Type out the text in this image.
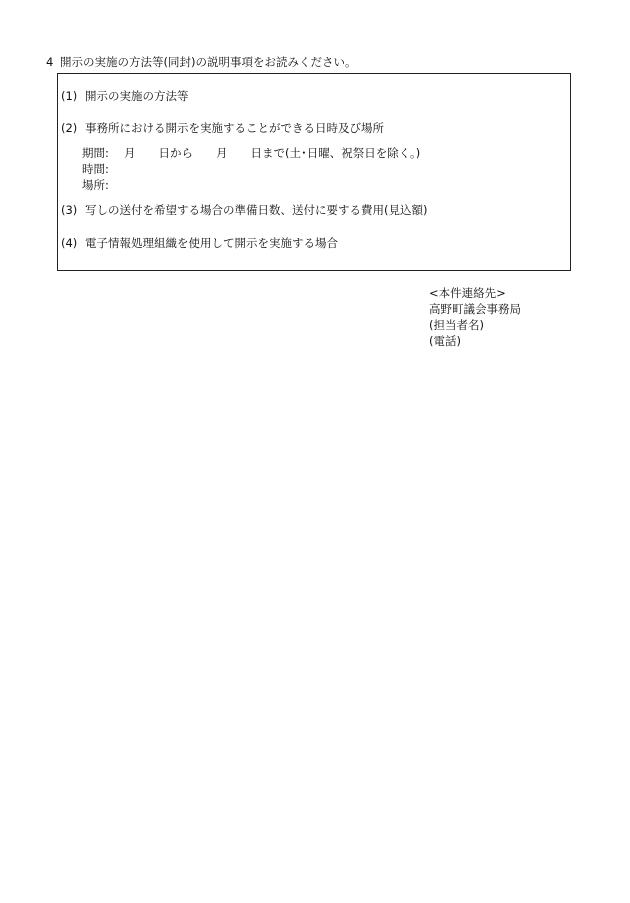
4 開示の実施の方法等(同封)の説明事項をお読みください。
(1) 開示の実施の方法等
(2) 事務所における開示を実施することができる日時及び場所
期間: 月　　日から　　月　　日まで(土･日曜、祝祭日を除く。)
時間:
場所:
(3) 写しの送付を希望する場合の準備日数、送付に要する費用(見込額)
(4) 電子情報処理組織を使用して開示を実施する場合
<本件連絡先>
高野町議会事務局
(担当者名)
(電話)
